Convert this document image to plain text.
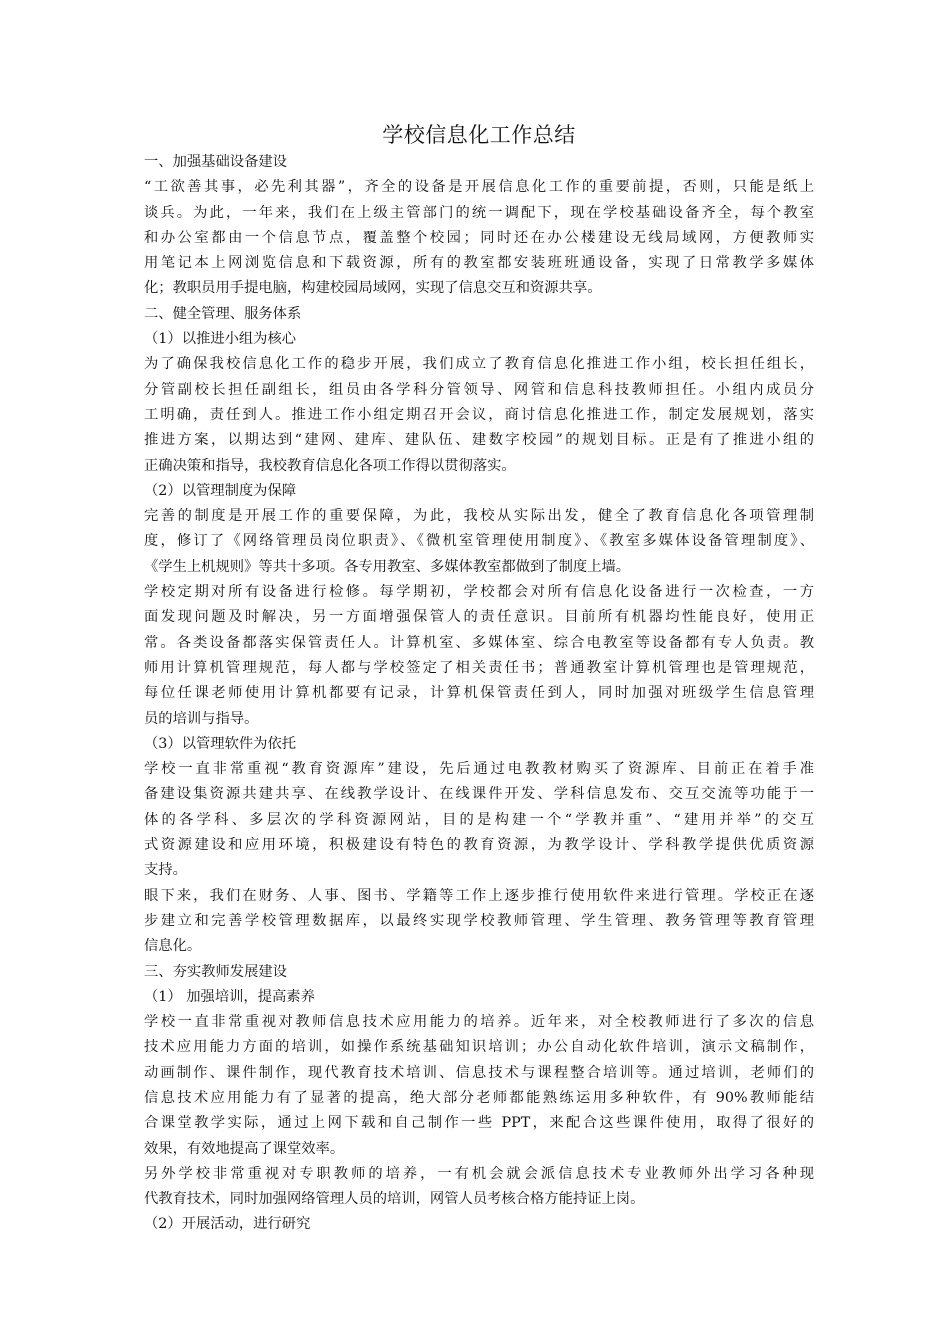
学校信息化工作总结

一、加强基础设备建设

“工欲善其事，必先利其器”，齐全的设备是开展信息化工作的重要前提，否则，只能是纸上

谈兵。为此，一年来，我们在上级主管部门的统一调配下，现在学校基础设备齐全，每个教室

和办公室都由一个信息节点，覆盖整个校园；同时还在办公楼建设无线局域网，方便教师实

用笔记本上网浏览信息和下载资源，所有的教室都安装班班通设备，实现了日常教学多媒体

化；教职员用手提电脑，构建校园局域网，实现了信息交互和资源共享。

二、健全管理、服务体系

（1）以推进小组为核心

为了确保我校信息化工作的稳步开展，我们成立了教育信息化推进工作小组，校长担任组长，

分管副校长担任副组长，组员由各学科分管领导、网管和信息科技教师担任。小组内成员分

工明确，责任到人。推进工作小组定期召开会议，商讨信息化推进工作，制定发展规划，落实

推进方案，以期达到“建网、建库、建队伍、建数字校园”的规划目标。正是有了推进小组的

正确决策和指导，我校教育信息化各项工作得以贯彻落实。

（2）以管理制度为保障

完善的制度是开展工作的重要保障，为此，我校从实际出发，健全了教育信息化各项管理制

度，修订了《网络管理员岗位职责》、《微机室管理使用制度》、《教室多媒体设备管理制度》、

《学生上机规则》等共十多项。各专用教室、多媒体教室都做到了制度上墙。

学校定期对所有设备进行检修。每学期初，学校都会对所有信息化设备进行一次检查，一方

面发现问题及时解决，另一方面增强保管人的责任意识。目前所有机器均性能良好，使用正

常。各类设备都落实保管责任人。计算机室、多媒体室、综合电教室等设备都有专人负责。教

师用计算机管理规范，每人都与学校签定了相关责任书；普通教室计算机管理也是管理规范，

每位任课老师使用计算机都要有记录，计算机保管责任到人，同时加强对班级学生信息管理

员的培训与指导。

（3）以管理软件为依托

学校一直非常重视“教育资源库”建设，先后通过电教教材购买了资源库、目前正在着手准

备建设集资源共建共享、在线教学设计、在线课件开发、学科信息发布、交互交流等功能于一

体的各学科、多层次的学科资源网站，目的是构建一个“学教并重”、“建用并举”的交互

式资源建设和应用环境，积极建设有特色的教育资源，为教学设计、学科教学提供优质资源

支持。

眼下来，我们在财务、人事、图书、学籍等工作上逐步推行使用软件来进行管理。学校正在逐

步建立和完善学校管理数据库，以最终实现学校教师管理、学生管理、教务管理等教育管理

信息化。

三、夯实教师发展建设

（1） 加强培训，提高素养

学校一直非常重视对教师信息技术应用能力的培养。近年来，对全校教师进行了多次的信息

技术应用能力方面的培训，如操作系统基础知识培训；办公自动化软件培训，演示文稿制作，

动画制作、课件制作，现代教育技术培训、信息技术与课程整合培训等。通过培训，老师们的

信息技术应用能力有了显著的提高，绝大部分老师都能熟练运用多种软件，有 90%教师能结

合课堂教学实际，通过上网下载和自己制作一些 PPT，来配合这些课件使用，取得了很好的

效果，有效地提高了课堂效率。

另外学校非常重视对专职教师的培养，一有机会就会派信息技术专业教师外出学习各种现

代教育技术，同时加强网络管理人员的培训，网管人员考核合格方能持证上岗。

（2）开展活动，进行研究
